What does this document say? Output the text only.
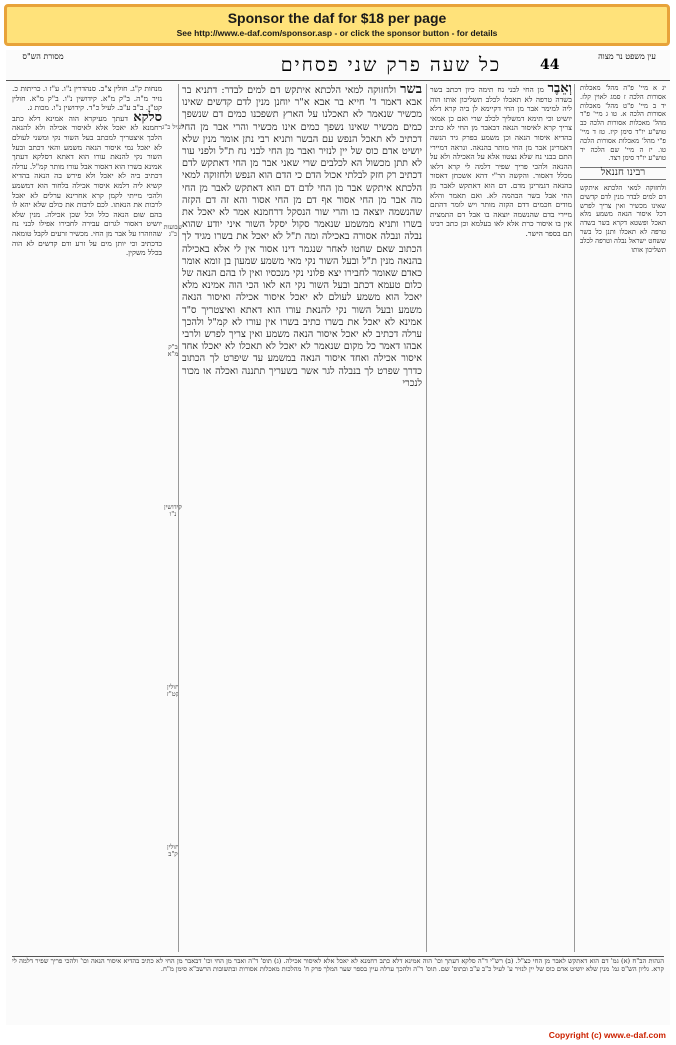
Sponsor the daf for $18 per page
See http://www.e-daf.com/sponsor.asp - or click the sponsor button - for details
מסורת הש"ס	כל שעה פרק שני פסחים	44
עין משפט נר מצוה
מנחות ק"ג. חולין צ"ב. סנהדרין נ"ו. ע"ז ו. כריתות כ. נזיר מ"ה. ב"ק מ"א. קידושין נ"ו. ב"ק מ"א. חולין קט"ז. ב"ב ע"ב. לעיל כ"ד. קידושין נ"ו. מכות ג.
סלקא דעתך מעיקרא הוה אמינא דלא כתב רחמנא לא יאכל אלא לאיסור אכילה ולא להנאה הלכך איצטריך למכתב בעל השור נקי ומשני לעולם לא יאכל נמי איסור הנאה משמע והאי דכתב ובעל השור נקי להנאת עורו הוא דאתא דסלקא דעתך אמינא בשרו הוא דאסור אבל עורו מותר קמ"ל. ערלה דכתיב ביה לא יאכל ולא פירש בה הנאה בהדיא קשיא ליה דלמא איסור אכילה בלחוד הוא דמשמע ולהכי מייתי לקמן קרא אחרינא ערלים לא יאכל לרבות את הנאתו. לכם לרבות את כולם שלא יהא לו בהם שום הנאה כלל וכל שכן אכילה. מנין שלא יושיט דאסור לגרום עבירה לחבירו אפילו לבני נח שהוזהרו על אבר מן החי. מכשיר זרעים לקבל טומאה כדכתיב וכי יותן מים על זרע ודם קדשים לא הוה בכלל משקין.
לעיל כ"ג
שבועות כ"ג
ב"ק מ"א
קידושין נ"ו
חולין קט"ז
חולין ק"ב
בשר ולחזוקה למאי הלכתא איתקש דם למים לבדר: דתניא בר אבא דאמר ד' חייא בר אבא א"ר יוחנן מנין לדם קדשים שאינו מכשיר שנאמר לא תאכלנו על הארץ תשפכנו כמים דם שנשפך כמים מכשיר שאינו נשפך כמים אינו מכשיר והרי אבר מן החי דכתיב לא תאכל הנפש עם הבשר ותניא רבי נתן אומר מנין שלא יושיט אדם כוס של יין לנזיר ואבר מן החי לבני נח ת"ל ולפני עור לא תתן מכשול הא לכלבים שרי שאני אבר מן החי דאתקש לדם דכתיב רק חזק לבלתי אכול הדם כי הדם הוא הנפש ולחזוקה למאי הלכתא איתקש אבר מן החי לדם דם הוא דאתקש לאבר מן החי מה אבר מן החי אסור אף דם מן החי אסור והא זה דם הקזה שהנשמה יוצאה בו והרי שור הנסקל דרחמנא אמר לא יאכל את בשרו ותניא ממשמע שנאמר סקול יסקל השור איני יודע שהוא נבלה ונבלה אסורה באכילה ומה ת"ל לא יאכל את בשרו מגיד לך הכתוב שאם שחטו לאחר שנגמר דינו אסור אין לי אלא באכילה בהנאה מנין ת"ל ובעל השור נקי מאי משמע שמעון בן זומא אומר כאדם שאומר לחבירו יצא פלוני נקי מנכסיו ואין לו בהם הנאה של כלום טעמא דכתב ובעל השור נקי הא לאו הכי הוה אמינא מלא יאכל הוא משמע לעולם לא יאכל איסור אכילה ואיסור הנאה משמע ובעל השור נקי להנאת עורו הוא דאתא ואיצטריך ס"ד אמינא לא יאכל את בשרו כתיב בשרו אין עורו לא קמ"ל ולהכך ערלה דכתיב לא יאכל איסור הנאה משמע ואין צריך לפרש ולרבי אבהו דאמר כל מקום שנאמר לא יאכל לא תאכלו לא יאכלו אחד איסור אכילה ואחד איסור הנאה במשמע עד שיפרט לך הכתוב כדרך שפרט לך בנבלה לגר אשר בשעריך תתננה ואכלה או מכור לנכרי
וְאֵבֶר מן החי לבני נח תימה כיון דכתב בשר בשדה טרפה לא תאכלו לכלב תשליכון אותו הוה ליה למימר אבר מן החי דקיימא לן ביה קרא דלא יושיט וכי תימא דמשליך לכלב שרי ואם כן אמאי צריך קרא לאיסור הנאה דבאבר מן החי לא כתיב בהדיא איסור הנאה וכן משמע בפרק גיד הנשה דאמרינן אבר מן החי מותר בהנאה. ונראה דמיירי התם בבני נח שלא נצטוו אלא על האכילה ולא על ההנאה ולהכי פריך שפיר דלמה לי קרא דלאו מכלל דאסור. והקשה הר"י דהא אשכחן דאסור בהנאה דגמרינן מדם. דם הוא דאתקש לאבר מן החי אבל בשר הבהמה לא. ואם תאמר והלא מודים חכמים דדם הקזה מותר ויש לומר דהתם מיירי בדם שהנשמה יוצאה בו אבל דם התמצית אין בו איסור כרת אלא לאו בעלמא וכן כתב רבינו תם בספר הישר.
יג א מיי' פ"ה מהל' מאכלות אסורות הלכה ז סמג לאוין קלז. יד ב מיי' פ"ט מהל' מאכלות אסורות הלכה א. טו ג מיי' פ"ד מהל' מאכלות אסורות הלכה כב טוש"ע יו"ד סימן קיז. טז ד מיי' פ"י מהל' מאכלות אסורות הלכה טו. יז ה מיי' שם הלכה יד טוש"ע יו"ד סימן רצד.
רבינו חננאל
ולחזוקה למאי הלכתא איתקש דם למים לבדר מנין לדם קדשים שאינו מכשיר ואין צריך לפרש דכל איסור הנאה משמע מלא תאכל ופשטא דקרא בשר בשדה טרפה לא תאכלו ותנן כל בשר ששחט ישראל נבלה וטרפה לכלב תשליכון אותו
הגהות הב"ח (א) גמ' דם הוא דאתקש לאבר מן החי כצ"ל. (ב) רש"י ד"ה סלקא דעתך וכו' הוה אמינא דלא כתב רחמנא לא יאכל אלא לאיסור אכילה. (ג) תוס' ד"ה ואבר מן החי וכו' דבאבר מן החי לא כתיב בהדיא איסור הנאה וכו' ולהכי פריך שפיר דלמה לי קרא. גליון הש"ס גמ' מנין שלא יושיט אדם כוס של יין לנזיר ע' לעיל כ"ב ע"ב ובתוס' שם. תוס' ד"ה ולהכך ערלה עיין בספר שער המלך פרק ח' מהלכות מאכלות אסורות ובתשובות הרשב"א סימן מ"ח.
Copyright (c) www.e-daf.com
